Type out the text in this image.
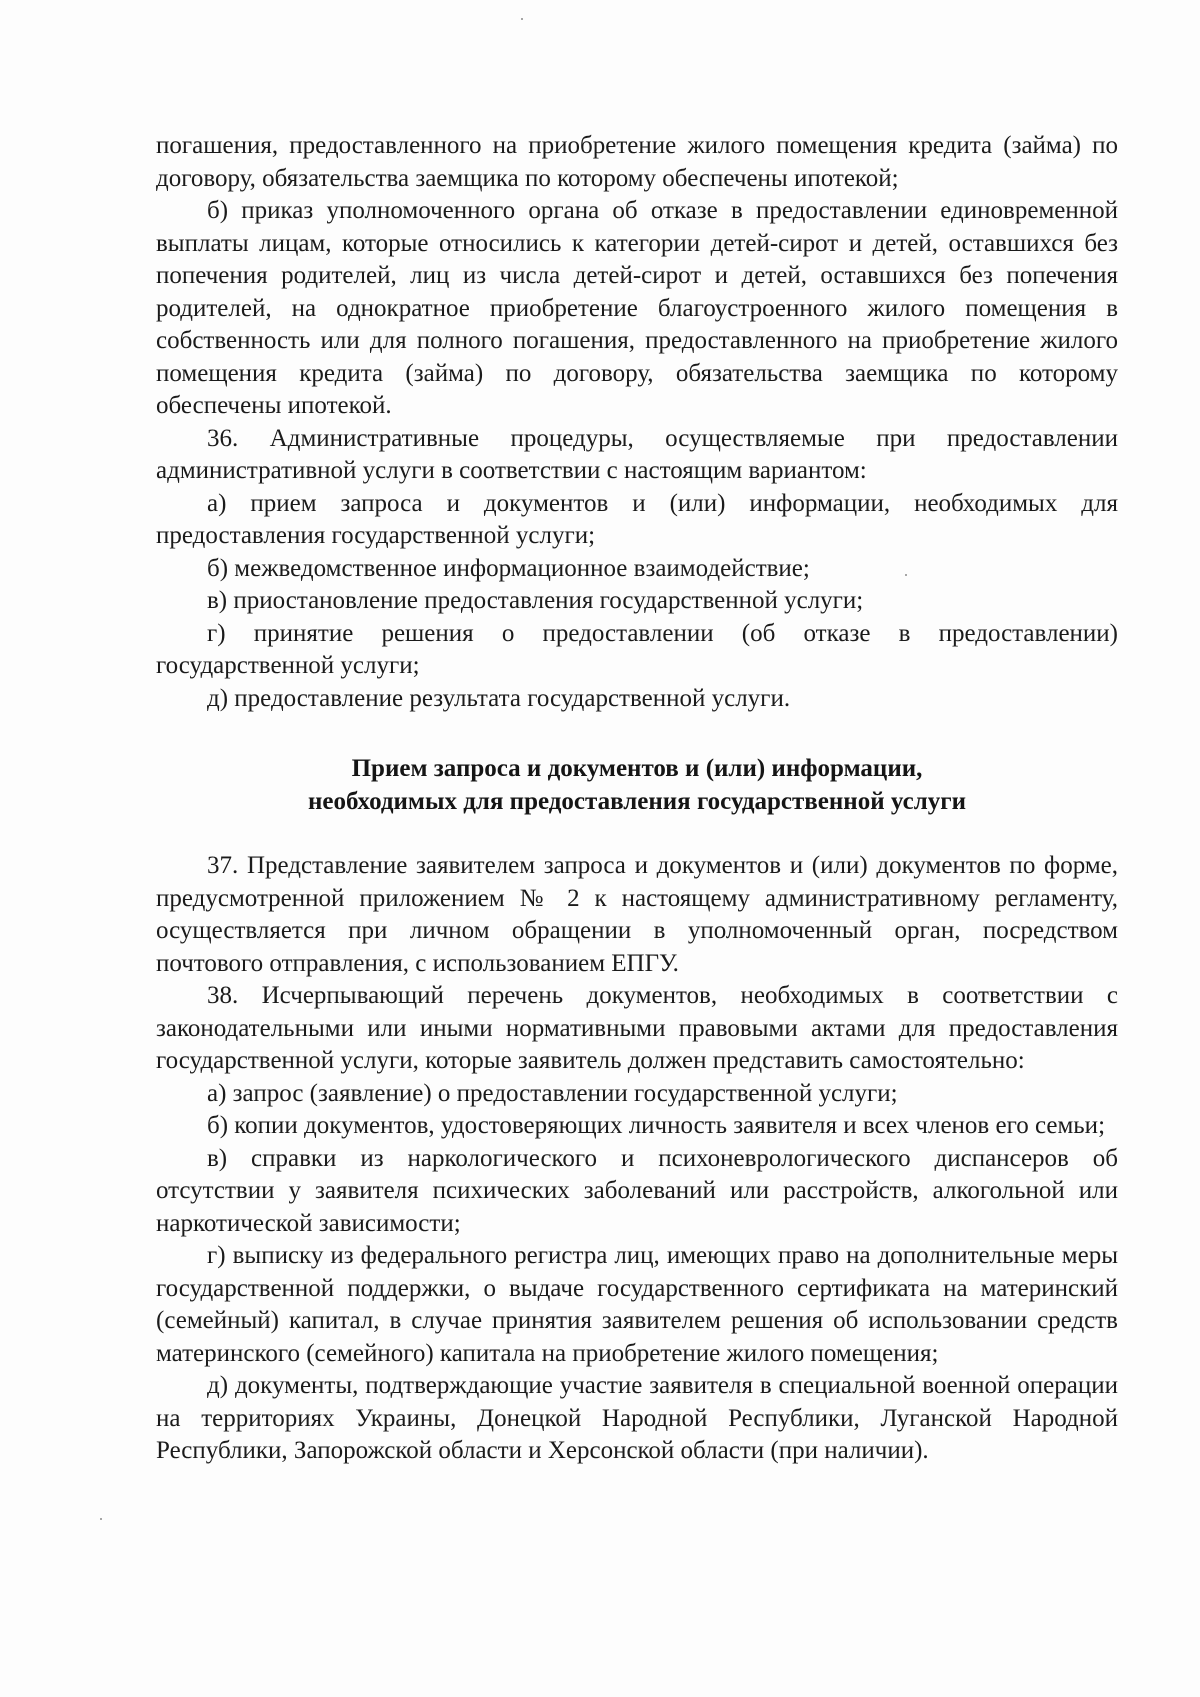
погашения, предоставленного на приобретение жилого помещения кредита (займа) по договору, обязательства заемщика по которому обеспечены ипотекой;

б) приказ уполномоченного органа об отказе в предоставлении единовременной выплаты лицам, которые относились к категории детей-сирот и детей, оставшихся без попечения родителей, лиц из числа детей-сирот и детей, оставшихся без попечения родителей, на однократное приобретение благоустроенного жилого помещения в собственность или для полного погашения, предоставленного на приобретение жилого помещения кредита (займа) по договору, обязательства заемщика по которому обеспечены ипотекой.

36. Административные процедуры, осуществляемые при предоставлении административной услуги в соответствии с настоящим вариантом:

а) прием запроса и документов и (или) информации, необходимых для предоставления государственной услуги;

б) межведомственное информационное взаимодействие;

в) приостановление предоставления государственной услуги;

г) принятие решения о предоставлении (об отказе в предоставлении) государственной услуги;

д) предоставление результата государственной услуги.

Прием запроса и документов и (или) информации,
необходимых для предоставления государственной услуги

37. Представление заявителем запроса и документов и (или) документов по форме, предусмотренной приложением № 2 к настоящему административному регламенту, осуществляется при личном обращении в уполномоченный орган, посредством почтового отправления, с использованием ЕПГУ.

38. Исчерпывающий перечень документов, необходимых в соответствии с законодательными или иными нормативными правовыми актами для предоставления государственной услуги, которые заявитель должен представить самостоятельно:

а) запрос (заявление) о предоставлении государственной услуги;

б) копии документов, удостоверяющих личность заявителя и всех членов его семьи;

в) справки из наркологического и психоневрологического диспансеров об отсутствии у заявителя психических заболеваний или расстройств, алкогольной или наркотической зависимости;

г) выписку из федерального регистра лиц, имеющих право на дополнительные меры государственной поддержки, о выдаче государственного сертификата на материнский (семейный) капитал, в случае принятия заявителем решения об использовании средств материнского (семейного) капитала на приобретение жилого помещения;

д) документы, подтверждающие участие заявителя в специальной военной операции на территориях Украины, Донецкой Народной Республики, Луганской Народной Республики, Запорожской области и Херсонской области (при наличии).
